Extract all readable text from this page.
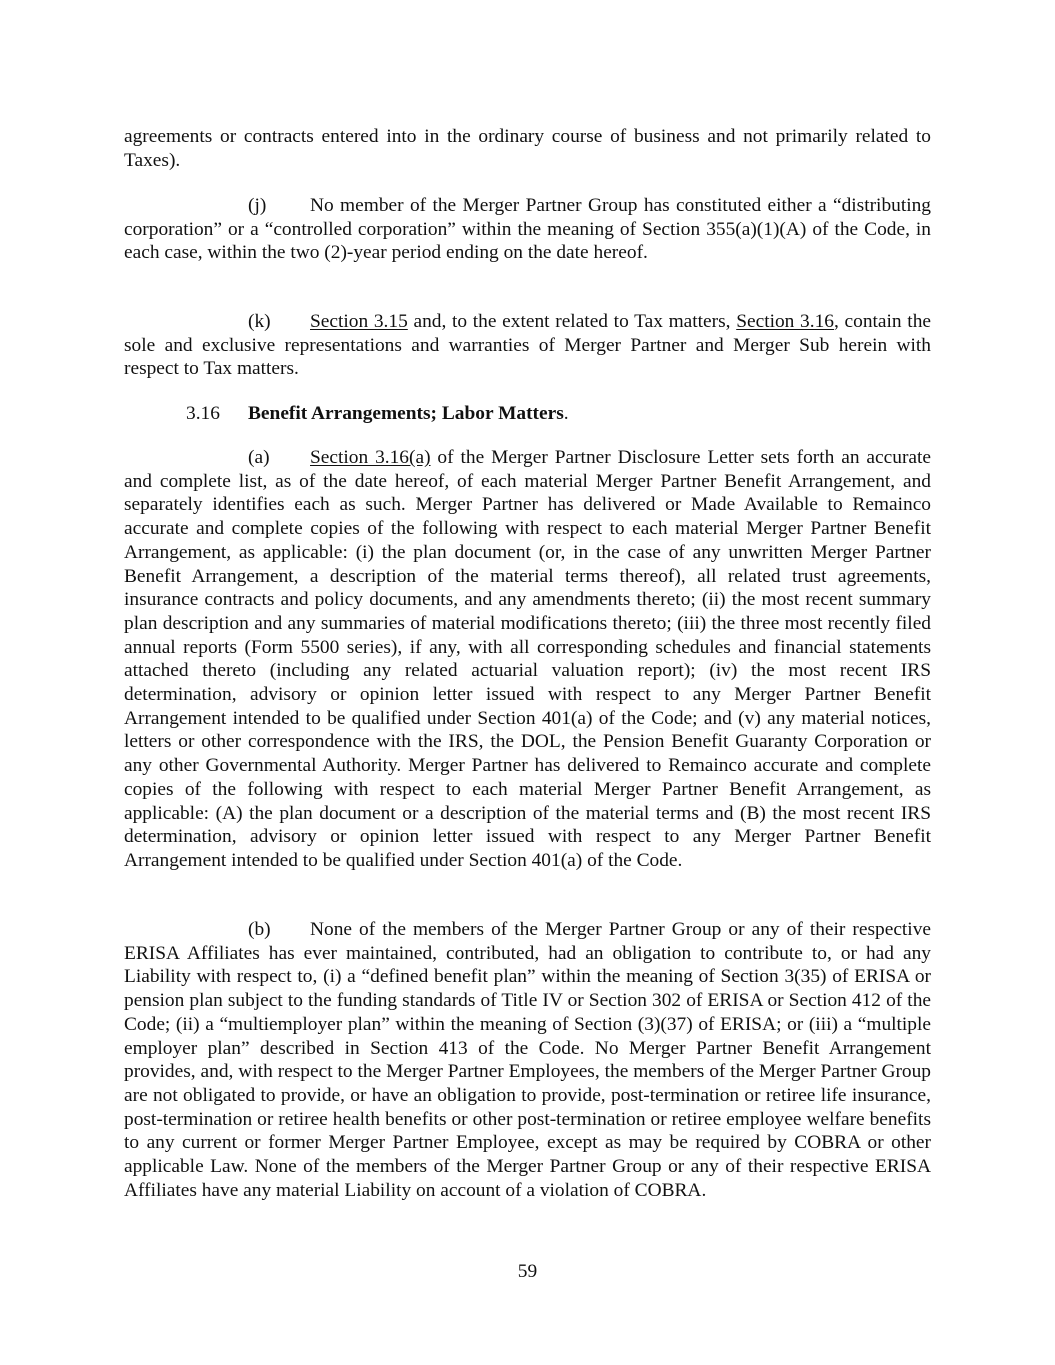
agreements or contracts entered into in the ordinary course of business and not primarily related to Taxes).

(j) No member of the Merger Partner Group has constituted either a “distributing corporation” or a “controlled corporation” within the meaning of Section 355(a)(1)(A) of the Code, in each case, within the two (2)-year period ending on the date hereof.

(k) Section 3.15 and, to the extent related to Tax matters, Section 3.16, contain the sole and exclusive representations and warranties of Merger Partner and Merger Sub herein with respect to Tax matters.

3.16 Benefit Arrangements; Labor Matters.

(a) Section 3.16(a) of the Merger Partner Disclosure Letter sets forth an accurate and complete list, as of the date hereof, of each material Merger Partner Benefit Arrangement, and separately identifies each as such. Merger Partner has delivered or Made Available to Remainco accurate and complete copies of the following with respect to each material Merger Partner Benefit Arrangement, as applicable: (i) the plan document (or, in the case of any unwritten Merger Partner Benefit Arrangement, a description of the material terms thereof), all related trust agreements, insurance contracts and policy documents, and any amendments thereto; (ii) the most recent summary plan description and any summaries of material modifications thereto; (iii) the three most recently filed annual reports (Form 5500 series), if any, with all corresponding schedules and financial statements attached thereto (including any related actuarial valuation report); (iv) the most recent IRS determination, advisory or opinion letter issued with respect to any Merger Partner Benefit Arrangement intended to be qualified under Section 401(a) of the Code; and (v) any material notices, letters or other correspondence with the IRS, the DOL, the Pension Benefit Guaranty Corporation or any other Governmental Authority. Merger Partner has delivered to Remainco accurate and complete copies of the following with respect to each material Merger Partner Benefit Arrangement, as applicable: (A) the plan document or a description of the material terms and (B) the most recent IRS determination, advisory or opinion letter issued with respect to any Merger Partner Benefit Arrangement intended to be qualified under Section 401(a) of the Code.

(b) None of the members of the Merger Partner Group or any of their respective ERISA Affiliates has ever maintained, contributed, had an obligation to contribute to, or had any Liability with respect to, (i) a “defined benefit plan” within the meaning of Section 3(35) of ERISA or pension plan subject to the funding standards of Title IV or Section 302 of ERISA or Section 412 of the Code; (ii) a “multiemployer plan” within the meaning of Section (3)(37) of ERISA; or (iii) a “multiple employer plan” described in Section 413 of the Code. No Merger Partner Benefit Arrangement provides, and, with respect to the Merger Partner Employees, the members of the Merger Partner Group are not obligated to provide, or have an obligation to provide, post-termination or retiree life insurance, post-termination or retiree health benefits or other post-termination or retiree employee welfare benefits to any current or former Merger Partner Employee, except as may be required by COBRA or other applicable Law. None of the members of the Merger Partner Group or any of their respective ERISA Affiliates have any material Liability on account of a violation of COBRA.

59
